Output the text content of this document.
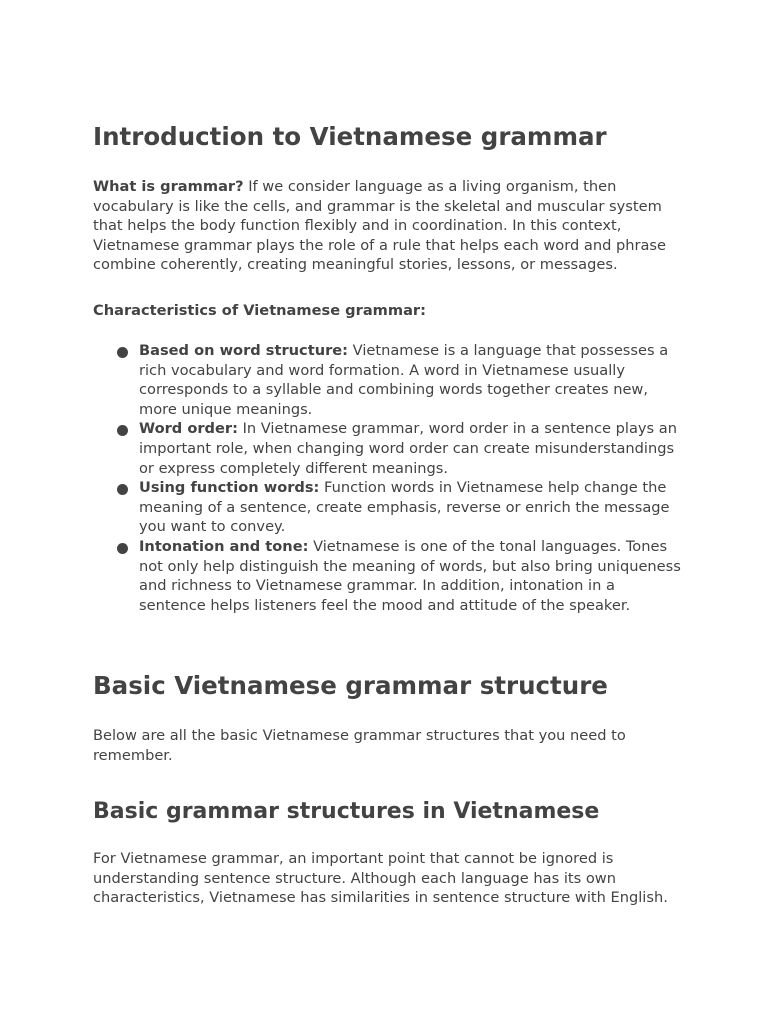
Introduction to Vietnamese grammar

What is grammar? If we consider language as a living organism, then vocabulary is like the cells, and grammar is the skeletal and muscular system that helps the body function flexibly and in coordination. In this context, Vietnamese grammar plays the role of a rule that helps each word and phrase combine coherently, creating meaningful stories, lessons, or messages.

Characteristics of Vietnamese grammar:

Based on word structure: Vietnamese is a language that possesses a rich vocabulary and word formation. A word in Vietnamese usually corresponds to a syllable and combining words together creates new, more unique meanings.
Word order: In Vietnamese grammar, word order in a sentence plays an important role, when changing word order can create misunderstandings or express completely different meanings.
Using function words: Function words in Vietnamese help change the meaning of a sentence, create emphasis, reverse or enrich the message you want to convey.
Intonation and tone: Vietnamese is one of the tonal languages. Tones not only help distinguish the meaning of words, but also bring uniqueness and richness to Vietnamese grammar. In addition, intonation in a sentence helps listeners feel the mood and attitude of the speaker.
Basic Vietnamese grammar structure

Below are all the basic Vietnamese grammar structures that you need to remember.

Basic grammar structures in Vietnamese

For Vietnamese grammar, an important point that cannot be ignored is understanding sentence structure. Although each language has its own characteristics, Vietnamese has similarities in sentence structure with English.
